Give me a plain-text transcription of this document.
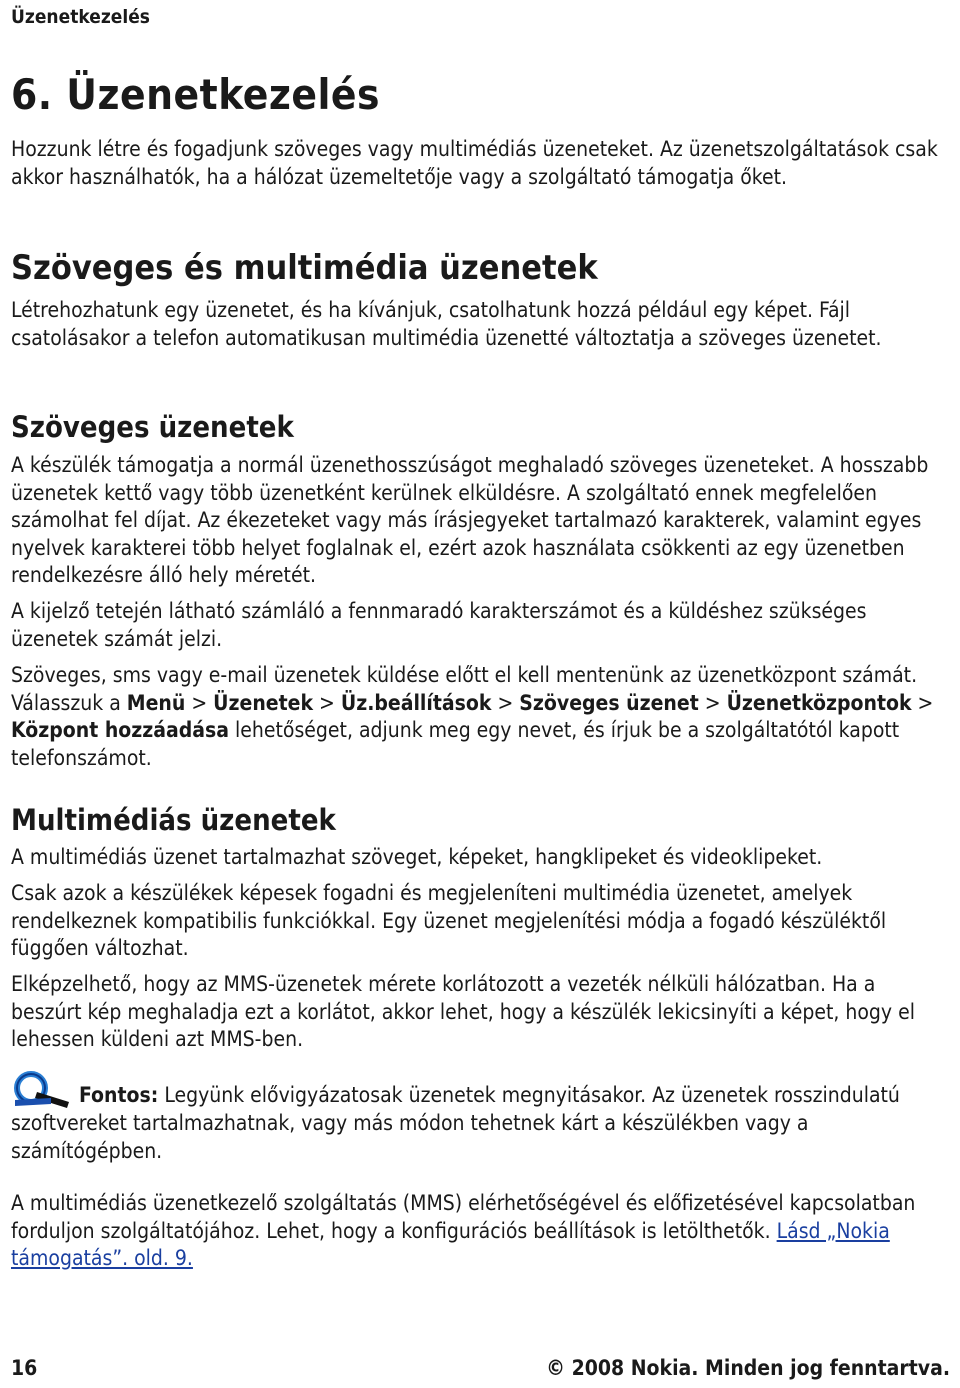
Üzenetkezelés
6. Üzenetkezelés

Hozzunk létre és fogadjunk szöveges vagy multimédiás üzeneteket. Az üzenetszolgáltatások csak akkor használhatók, ha a hálózat üzemeltetője vagy a szolgáltató támogatja őket.

Szöveges és multimédia üzenetek

Létrehozhatunk egy üzenetet, és ha kívánjuk, csatolhatunk hozzá például egy képet. Fájl csatolásakor a telefon automatikusan multimédia üzenetté változtatja a szöveges üzenetet.

Szöveges üzenetek

A készülék támogatja a normál üzenethosszúságot meghaladó szöveges üzeneteket. A hosszabb üzenetek kettő vagy több üzenetként kerülnek elküldésre. A szolgáltató ennek megfelelően számolhat fel díjat. Az ékezeteket vagy más írásjegyeket tartalmazó karakterek, valamint egyes nyelvek karakterei több helyet foglalnak el, ezért azok használata csökkenti az egy üzenetben rendelkezésre álló hely méretét.

A kijelző tetején látható számláló a fennmaradó karakterszámot és a küldéshez szükséges üzenetek számát jelzi.

Szöveges, sms vagy e-mail üzenetek küldése előtt el kell mentenünk az üzenetközpont számát. Válasszuk a Menü > Üzenetek > Üz.beállítások > Szöveges üzenet > Üzenetközpontok > Központ hozzáadása lehetőséget, adjunk meg egy nevet, és írjuk be a szolgáltatótól kapott telefonszámot.

Multimédiás üzenetek

A multimédiás üzenet tartalmazhat szöveget, képeket, hangklipeket és videoklipeket.

Csak azok a készülékek képesek fogadni és megjeleníteni multimédia üzenetet, amelyek rendelkeznek kompatibilis funkciókkal. Egy üzenet megjelenítési módja a fogadó készüléktől függően változhat.

Elképzelhető, hogy az MMS-üzenetek mérete korlátozott a vezeték nélküli hálózatban. Ha a beszúrt kép meghaladja ezt a korlátot, akkor lehet, hogy a készülék lekicsinyíti a képet, hogy el lehessen küldeni azt MMS-ben.

Fontos: Legyünk elővigyázatosak üzenetek megnyitásakor. Az üzenetek rosszindulatú szoftvereket tartalmazhatnak, vagy más módon tehetnek kárt a készülékben vagy a számítógépben.

A multimédiás üzenetkezelő szolgáltatás (MMS) elérhetőségével és előfizetésével kapcsolatban forduljon szolgáltatójához. Lehet, hogy a konfigurációs beállítások is letölthetők. Lásd „Nokia támogatás”. old. 9.

16	© 2008 Nokia. Minden jog fenntartva.
